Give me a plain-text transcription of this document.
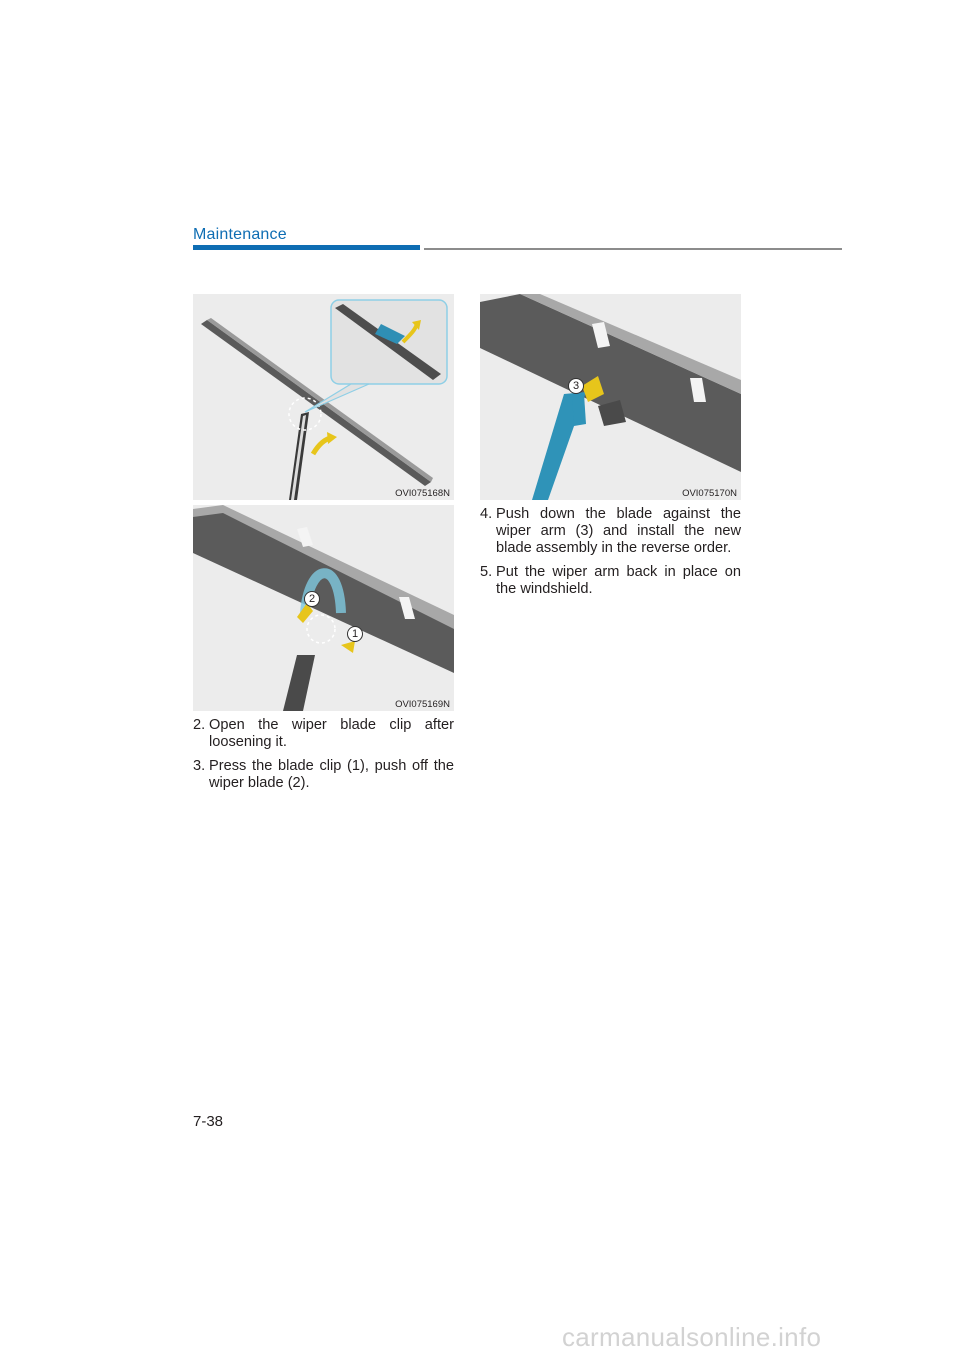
Maintenance
OVI075168N
2
1
OVI075169N
3
OVI075170N
2. Open the wiper blade clip after loosening it.
3. Press the blade clip (1), push off the wiper blade (2).
4. Push down the blade against the wiper arm (3) and install the new blade assembly in the reverse order.
5. Put the wiper arm back in place on the windshield.
7-38
carmanualsonline.info
